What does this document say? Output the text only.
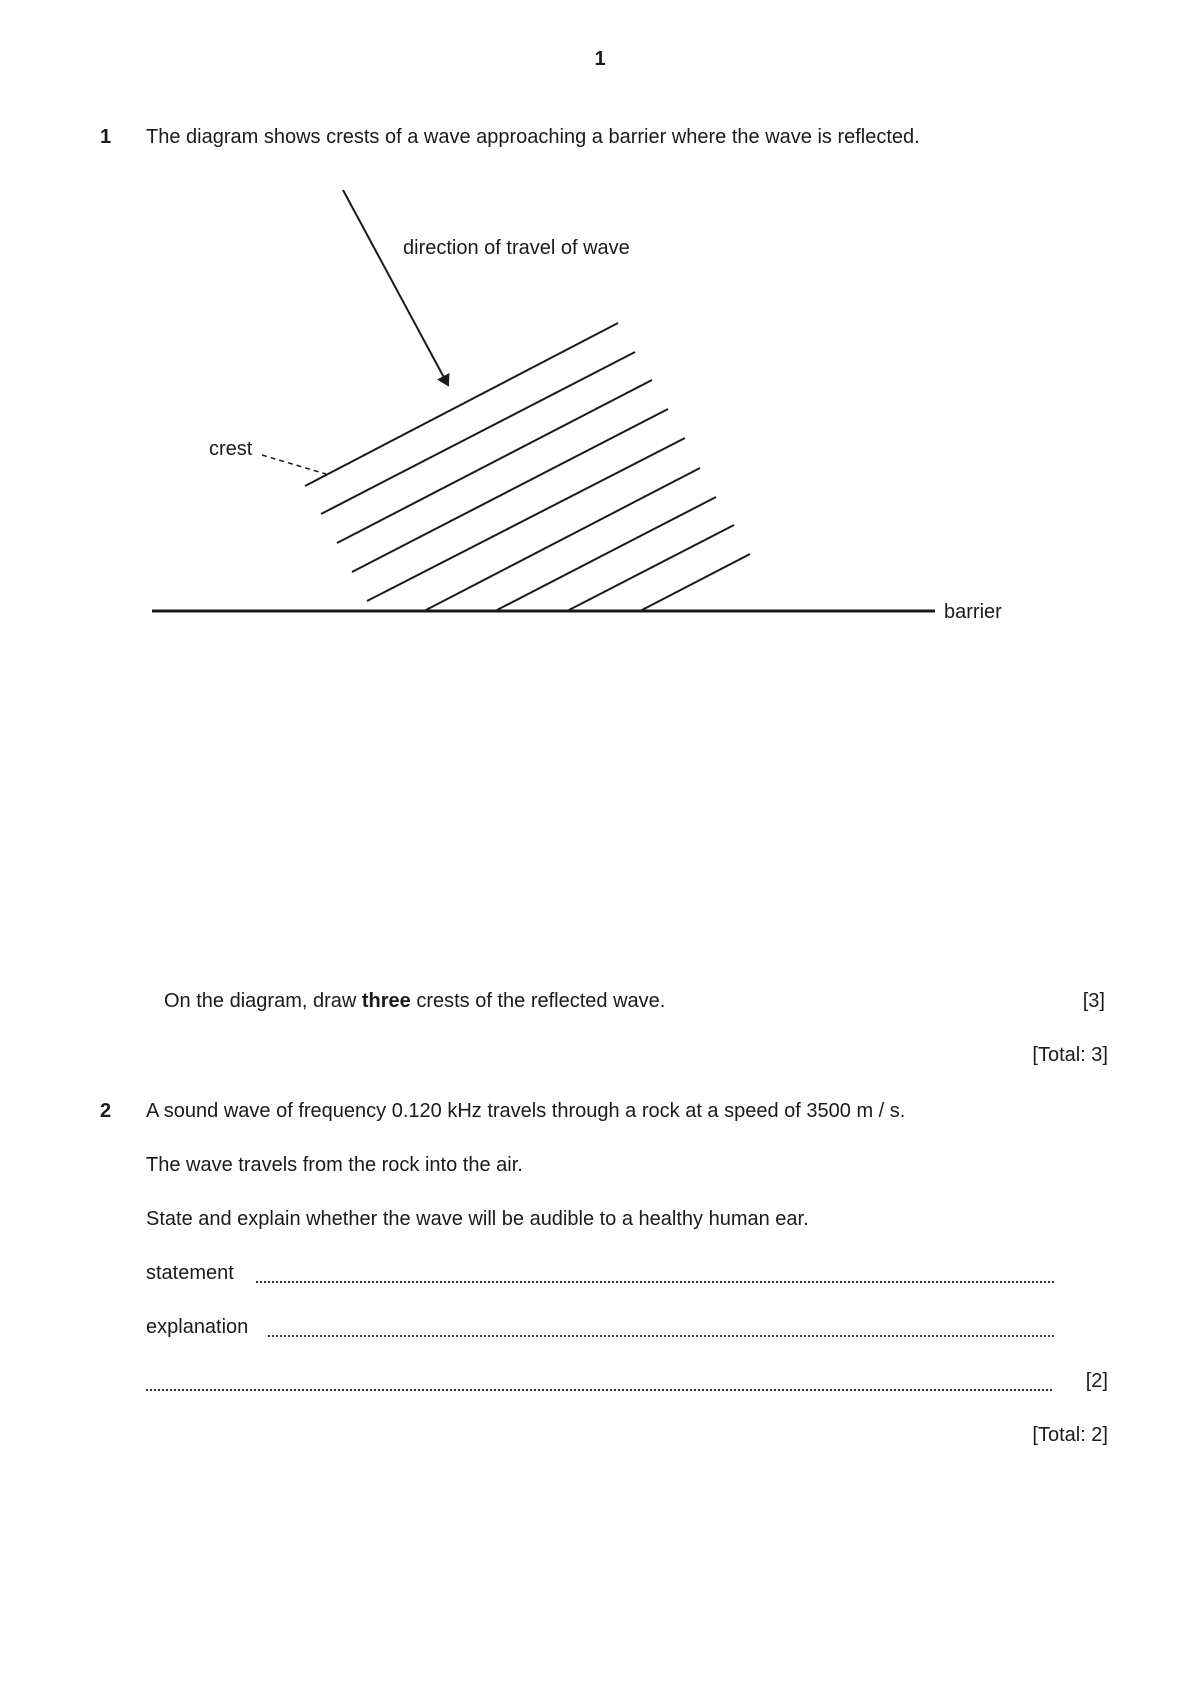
1
1 The diagram shows crests of a wave approaching a barrier where the wave is reflected.
direction of travel of wave
crest
barrier
On the diagram, draw three crests of the reflected wave.	[3]
[Total: 3]
2 A sound wave of frequency 0.120 kHz travels through a rock at a speed of 3500 m / s.
The wave travels from the rock into the air.
State and explain whether the wave will be audible to a healthy human ear.
statement
explanation
[2]
[Total: 2]
